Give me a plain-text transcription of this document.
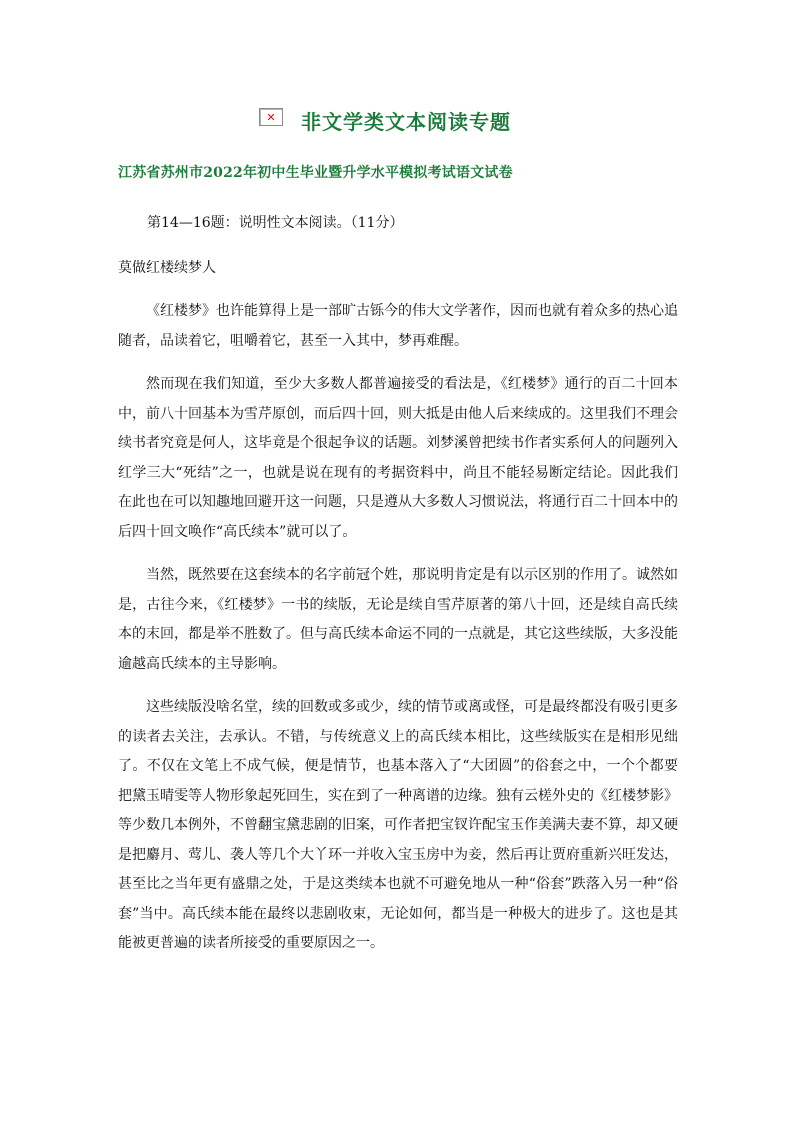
✕ 非文学类文本阅读专题
江苏省苏州市2022年初中生毕业暨升学水平模拟考试语文试卷
第14—16题：说明性文本阅读。（11分）
莫做红楼续梦人

《红楼梦》也许能算得上是一部旷古铄今的伟大文学著作，因而也就有着众多的热心追随者，品读着它，咀嚼着它，甚至一入其中，梦再难醒。

然而现在我们知道，至少大多数人都普遍接受的看法是，《红楼梦》通行的百二十回本中，前八十回基本为雪芹原创，而后四十回，则大抵是由他人后来续成的。这里我们不理会续书者究竟是何人，这毕竟是个很起争议的话题。刘梦溪曾把续书作者实系何人的问题列入红学三大“死结”之一，也就是说在现有的考据资料中，尚且不能轻易断定结论。因此我们在此也在可以知趣地回避开这一问题，只是遵从大多数人习惯说法，将通行百二十回本中的后四十回文唤作“高氏续本”就可以了。

当然，既然要在这套续本的名字前冠个姓，那说明肯定是有以示区别的作用了。诚然如是，古往今来，《红楼梦》一书的续版，无论是续自雪芹原著的第八十回，还是续自高氏续本的末回，都是举不胜数了。但与高氏续本命运不同的一点就是，其它这些续版，大多没能逾越高氏续本的主导影响。

这些续版没啥名堂，续的回数或多或少，续的情节或离或怪，可是最终都没有吸引更多的读者去关注，去承认。不错，与传统意义上的高氏续本相比，这些续版实在是相形见绌了。不仅在文笔上不成气候，便是情节，也基本落入了“大团圆”的俗套之中，一个个都要把黛玉晴雯等人物形象起死回生，实在到了一种离谱的边缘。独有云槎外史的《红楼梦影》等少数几本例外，不曾翻宝黛悲剧的旧案，可作者把宝钗许配宝玉作美满夫妻不算，却又硬是把麝月、莺儿、袭人等几个大丫环一并收入宝玉房中为妾，然后再让贾府重新兴旺发达，甚至比之当年更有盛鼎之处，于是这类续本也就不可避免地从一种“俗套”跌落入另一种“俗套”当中。高氏续本能在最终以悲剧收束，无论如何，都当是一种极大的进步了。这也是其能被更普遍的读者所接受的重要原因之一。
